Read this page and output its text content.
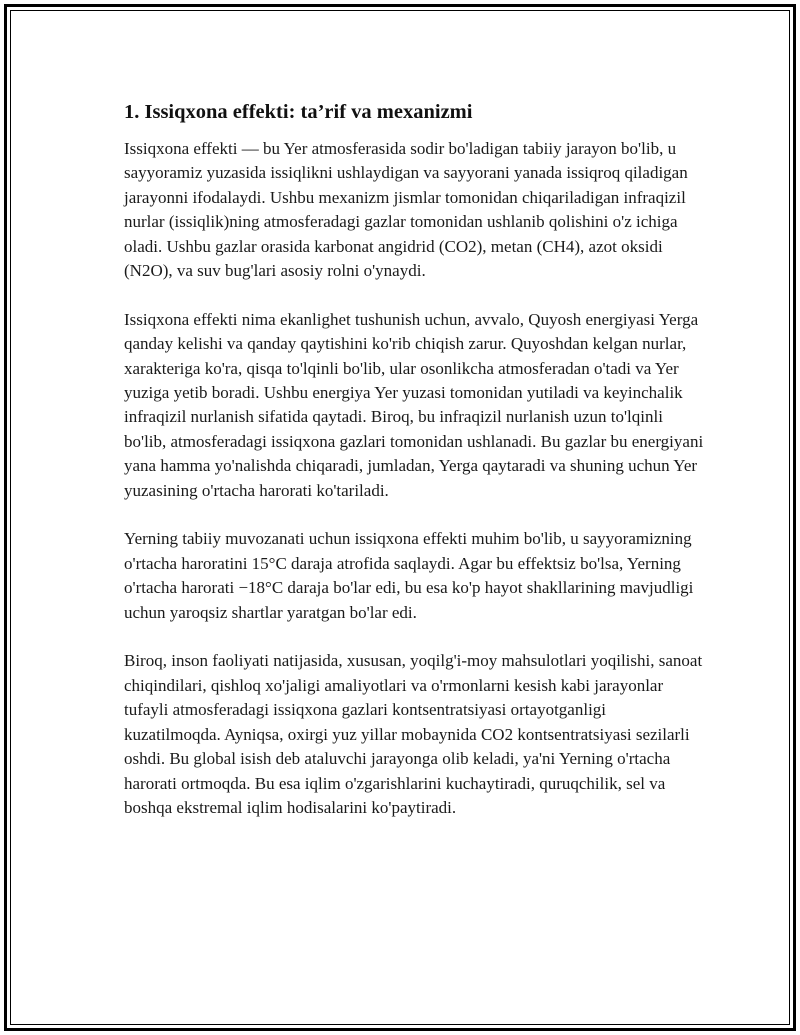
1. Issiqxona effekti: ta’rif va mexanizmi

Issiqxona effekti — bu Yer atmosferasida sodir bo'ladigan tabiiy jarayon bo'lib, u sayyoramiz yuzasida issiqlikni ushlaydigan va sayyorani yanada issiqroq qiladigan jarayonni ifodalaydi. Ushbu mexanizm jismlar tomonidan chiqariladigan infraqizil nurlar (issiqlik)ning atmosferadagi gazlar tomonidan ushlanib qolishini o'z ichiga oladi. Ushbu gazlar orasida karbonat angidrid (CO2), metan (CH4), azot oksidi (N2O), va suv bug'lari asosiy rolni o'ynaydi.

Issiqxona effekti nima ekanlighet tushunish uchun, avvalo, Quyosh energiyasi Yerga qanday kelishi va qanday qaytishini ko'rib chiqish zarur. Quyoshdan kelgan nurlar, xarakteriga ko'ra, qisqa to'lqinli bo'lib, ular osonlikcha atmosferadan o'tadi va Yer yuziga yetib boradi. Ushbu energiya Yer yuzasi tomonidan yutiladi va keyinchalik infraqizil nurlanish sifatida qaytadi. Biroq, bu infraqizil nurlanish uzun to'lqinli bo'lib, atmosferadagi issiqxona gazlari tomonidan ushlanadi. Bu gazlar bu energiyani yana hamma yo'nalishda chiqaradi, jumladan, Yerga qaytaradi va shuning uchun Yer yuzasining o'rtacha harorati ko'tariladi.

Yerning tabiiy muvozanati uchun issiqxona effekti muhim bo'lib, u sayyoramizning o'rtacha haroratini 15°C daraja atrofida saqlaydi. Agar bu effektsiz bo'lsa, Yerning o'rtacha harorati −18°C daraja bo'lar edi, bu esa ko'p hayot shakllarining mavjudligi uchun yaroqsiz shartlar yaratgan bo'lar edi.

Biroq, inson faoliyati natijasida, xususan, yoqilg'i-moy mahsulotlari yoqilishi, sanoat chiqindilari, qishloq xo'jaligi amaliyotlari va o'rmonlarni kesish kabi jarayonlar tufayli atmosferadagi issiqxona gazlari kontsentratsiyasi ortayotganligi kuzatilmoqda. Ayniqsa, oxirgi yuz yillar mobaynida CO2 kontsentratsiyasi sezilarli oshdi. Bu global isish deb ataluvchi jarayonga olib keladi, ya'ni Yerning o'rtacha harorati ortmoqda. Bu esa iqlim o'zgarishlarini kuchaytiradi, quruqchilik, sel va boshqa ekstremal iqlim hodisalarini ko'paytiradi.
